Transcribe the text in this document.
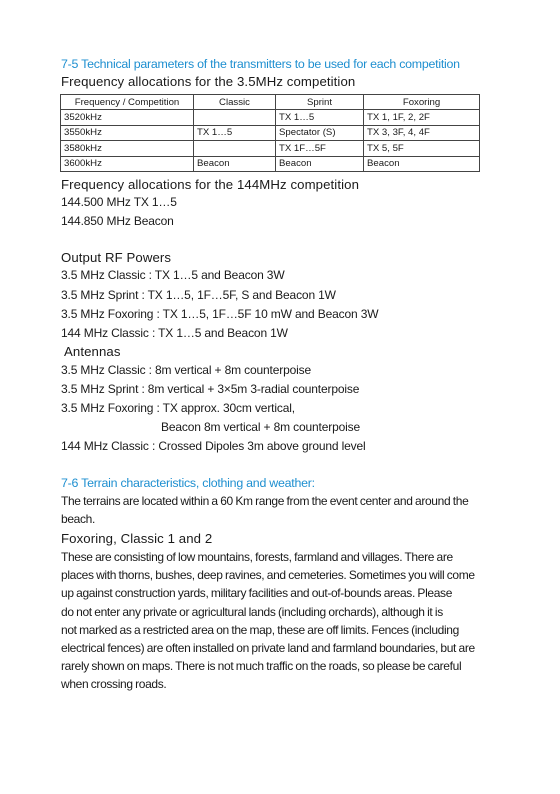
7-5 Technical parameters of the transmitters to be used for each competition
Frequency allocations for the 3.5MHz competition
Frequency / Competition	Classic	Sprint	Foxoring
3520kHz		TX 1…5	TX 1, 1F, 2, 2F
3550kHz	TX 1…5	Spectator (S)	TX 3, 3F, 4, 4F
3580kHz		TX 1F…5F	TX 5, 5F
3600kHz	Beacon	Beacon	Beacon
Frequency allocations for the 144MHz competition
144.500 MHz TX 1…5
144.850 MHz Beacon
Output RF Powers
3.5 MHz Classic : TX 1…5 and Beacon 3W
3.5 MHz Sprint : TX 1…5, 1F…5F, S and Beacon 1W
3.5 MHz Foxoring : TX 1…5, 1F…5F 10 mW and Beacon 3W
144 MHz Classic : TX 1…5 and Beacon 1W
Antennas
3.5 MHz Classic : 8m vertical + 8m counterpoise
3.5 MHz Sprint : 8m vertical + 3×5m 3-radial counterpoise
3.5 MHz Foxoring : TX approx. 30cm vertical,
Beacon 8m vertical + 8m counterpoise
144 MHz Classic : Crossed Dipoles 3m above ground level
7-6 Terrain characteristics, clothing and weather:
The terrains are located within a 60 Km range from the event center and around the
beach.
Foxoring, Classic 1 and 2
These are consisting of low mountains, forests, farmland and villages. There are
places with thorns, bushes, deep ravines, and cemeteries. Sometimes you will come
up against construction yards, military facilities and out-of-bounds areas. Please
do not enter any private or agricultural lands (including orchards), although it is
not marked as a restricted area on the map, these are off limits. Fences (including
electrical fences) are often installed on private land and farmland boundaries, but are
rarely shown on maps. There is not much traffic on the roads, so please be careful
when crossing roads.
